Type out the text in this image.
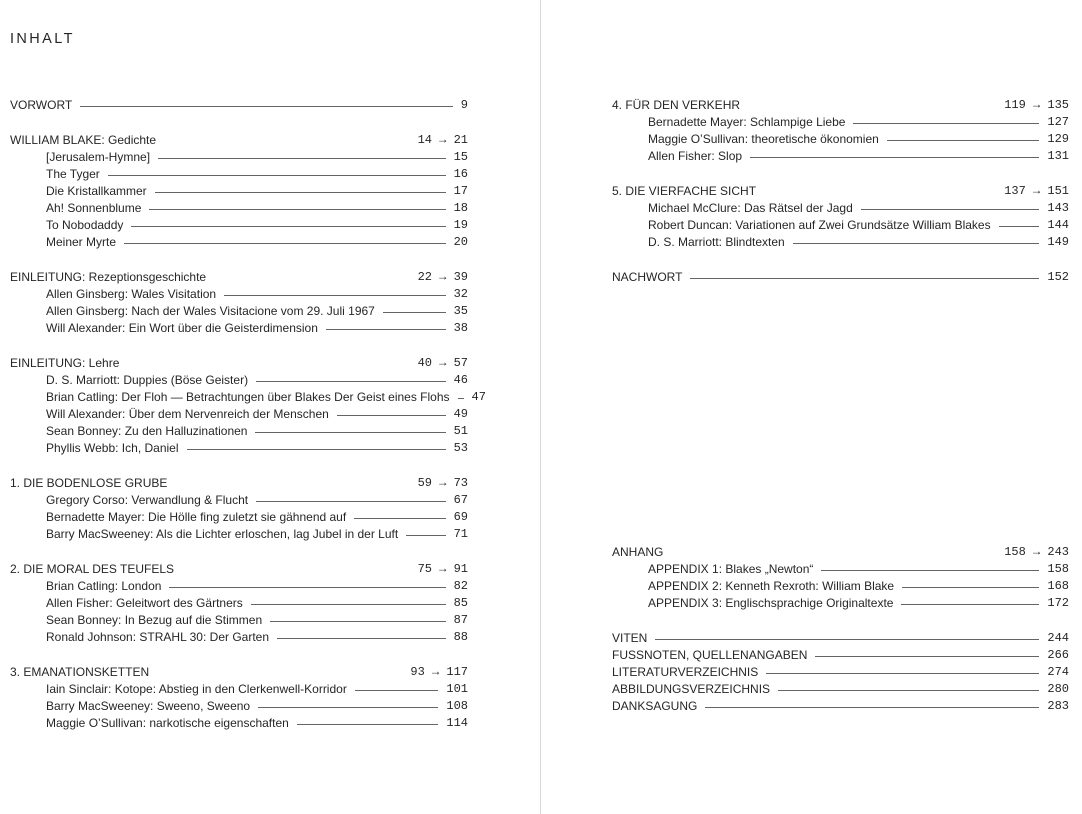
INHALT
VORWORT	9
WILLIAM BLAKE: Gedichte	14 → 21
[Jerusalem-Hymne]	15
The Tyger	16
Die Kristallkammer	17
Ah! Sonnenblume	18
To Nobodaddy	19
Meiner Myrte	20
EINLEITUNG: Rezeptionsgeschichte	22 → 39
Allen Ginsberg: Wales Visitation	32
Allen Ginsberg: Nach der Wales Visitacione vom 29. Juli 1967	35
Will Alexander: Ein Wort über die Geisterdimension	38
EINLEITUNG: Lehre	40 → 57
D. S. Marriott: Duppies (Böse Geister)	46
Brian Catling: Der Floh — Betrachtungen über Blakes Der Geist eines Flohs 47
Will Alexander: Über dem Nervenreich der Menschen	49
Sean Bonney: Zu den Halluzinationen	51
Phyllis Webb: Ich, Daniel	53
1. DIE BODENLOSE GRUBE	59 → 73
Gregory Corso: Verwandlung & Flucht	67
Bernadette Mayer: Die Hölle fing zuletzt sie gähnend auf	69
Barry MacSweeney: Als die Lichter erloschen, lag Jubel in der Luft	71
2. DIE MORAL DES TEUFELS	75 → 91
Brian Catling: London	82
Allen Fisher: Geleitwort des Gärtners	85
Sean Bonney: In Bezug auf die Stimmen	87
Ronald Johnson: STRAHL 30: Der Garten	88
3. EMANATIONSKETTEN	93 → 117
Iain Sinclair: Kotope: Abstieg in den Clerkenwell-Korridor	101
Barry MacSweeney: Sweeno, Sweeno	108
Maggie O’Sullivan: narkotische eigenschaften	114
4. FÜR DEN VERKEHR	119 → 135
Bernadette Mayer: Schlampige Liebe	127
Maggie O’Sullivan: theoretische ökonomien	129
Allen Fisher: Slop	131
5. DIE VIERFACHE SICHT	137 → 151
Michael McClure: Das Rätsel der Jagd	143
Robert Duncan: Variationen auf Zwei Grundsätze William Blakes	144
D. S. Marriott: Blindtexten	149
NACHWORT	152
ANHANG	158 → 243
APPENDIX 1: Blakes „Newton“	158
APPENDIX 2: Kenneth Rexroth: William Blake	168
APPENDIX 3: Englischsprachige Originaltexte	172
VITEN	244
FUSSNOTEN, QUELLENANGABEN	266
LITERATURVERZEICHNIS	274
ABBILDUNGSVERZEICHNIS	280
DANKSAGUNG	283
